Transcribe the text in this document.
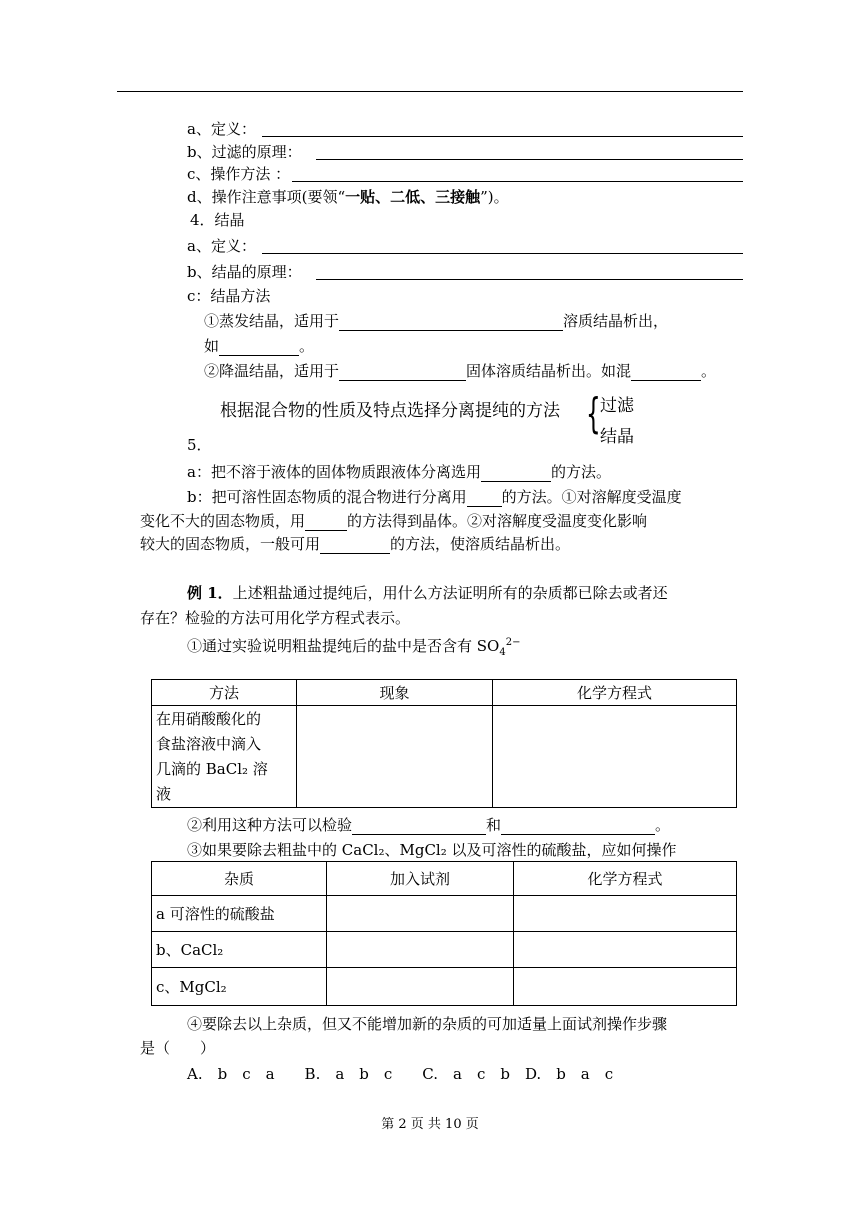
a、定义：
b、过滤的原理：
c、操作方法 ：
d、操作注意事项(要领“一贴、二低、三接触”)。
4．结晶
a、定义：
b、结晶的原理：
c：结晶方法
①蒸发结晶，适用于	溶质结晶析出，
如	。
②降温结晶，适用于	固体溶质结晶析出。如混	。
根据混合物的性质及特点选择分离提纯的方法 { 过滤
结晶
5．
a：把不溶于液体的固体物质跟液体分离选用	的方法。
b：把可溶性固态物质的混合物进行分离用 的方法。①对溶解度受温度
变化不大的固态物质，用	的方法得到晶体。②对溶解度受温度变化影响
较大的固态物质，一般可用	的方法，使溶质结晶析出。
例 1．上述粗盐通过提纯后，用什么方法证明所有的杂质都已除去或者还
存在？检验的方法可用化学方程式表示。
①通过实验说明粗盐提纯后的盐中是否含有 $SO_4^{2-}$
方法	现象	化学方程式

在用硝酸酸化的
食盐溶液中滴入
几滴的 BaCl₂ 溶
液		

②利用这种方法可以检验	和	。
③如果要除去粗盐中的 CaCl₂、MgCl₂ 以及可溶性的硫酸盐，应如何操作
杂质	加入试剂	化学方程式
a 可溶性的硫酸盐		
b、CaCl₂		
c、MgCl₂		
④要除去以上杂质，但又不能增加新的杂质的可加适量上面试剂操作步骤
是（　　）
A.　b　c　a　　B.　a　b　c　　C.　a　c　b　D.　b　a　c
第 2 页 共 10 页
